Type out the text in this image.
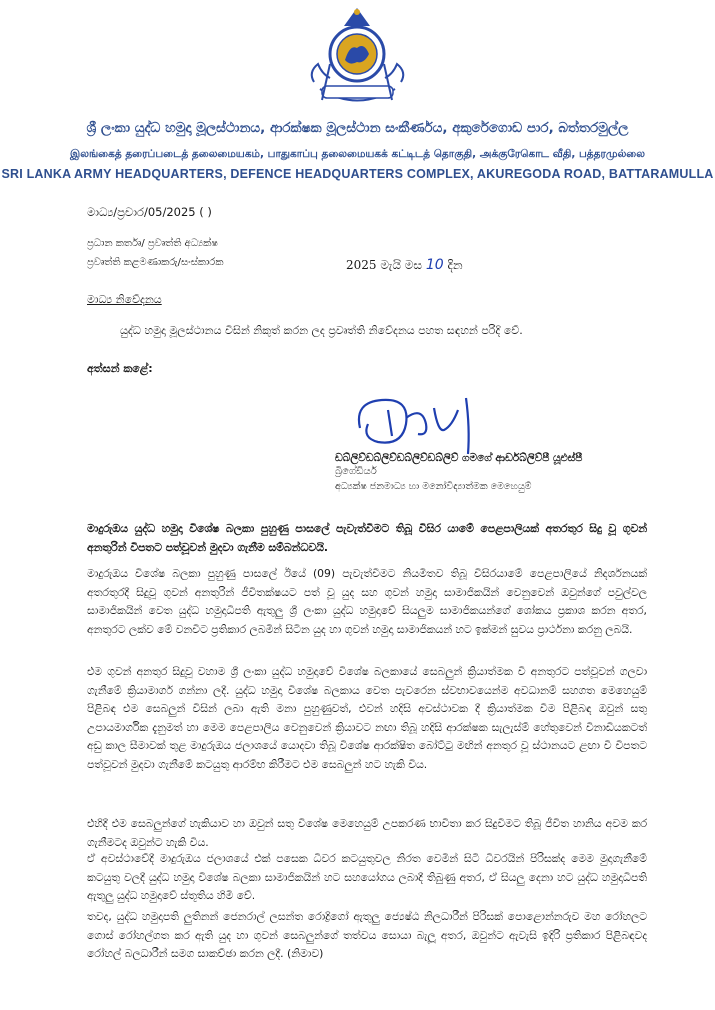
ශ්‍රී ලංකා යුද්ධ හමුදා මූලස්ථානය, ආරක්ෂක මූලස්ථාන සංකීර්ණය, අකුරේගොඩ පාර, බත්තරමුල්ල
இலங்கைத் தரைப்படைத் தலைமையகம், பாதுகாப்பு தலைமையகக் கட்டிடத் தொகுதி, அக்குரேகொட வீதி, பத்தரமுல்லை
SRI LANKA ARMY HEADQUARTERS, DEFENCE HEADQUARTERS COMPLEX, AKUREGODA ROAD, BATTARAMULLA
මාධ්‍ය/ප්‍රචාර/05/2025 ( )
ප්‍රධාන කර්තෘ/ ප්‍රවෘත්ති අධ්‍යක්ෂ
ප්‍රවෘත්ති කළමණාකරු/සංස්කාරක	2025 මැයි මස 10 දින
මාධ්‍ය නිවේදනය
යුද්ධ හමුදා මූලස්ථානය විසින් නිකුත් කරන ලද ප්‍රවෘත්ති නිවේදනය පහත සඳහන් පරිදි වේ.
අත්සන් කළේ:
ඩබ්ලිව්ඩබ්ලිව්ඩබ්ලිව්ඩබ්ලිව් ගමගේ ආර්ඩබ්ලිව්පී යූඑස්පී
බ්‍රිගේඩියර්
අධ්‍යක්ෂ ජනමාධ්‍ය හා මනෝවිද්‍යාත්මක මෙහෙයුම්
මාදුරුඔය යුද්ධ හමුදා විශේෂ බලකා පුහුණු පාසලේ පැවැත්වීමට තිබූ විසිර යාමේ පෙළපාලියක් අතරතුර සිදු වූ ගුවන් අනතුරින් විපතට පත්වූවන් මුදවා ගැනීම සම්බන්ධවයි.
මාදුරුඔය විශේෂ බලකා පුහුණු පාසලේ ඊයේ (09) පැවැත්වීමට නියමිතව තිබූ විසිරයාමේ පෙළපාලියේ නිදර්ශනයක් අතරතුරදී සිදුවූ ගුවන් අනතුරින් ජීවිතක්ෂයට පත් වූ යුද සහ ගුවන් හමුදා සාමාජිකයින් වෙනුවෙන් ඔවුන්ගේ පවුල්වල සාමාජිකයින් වෙත යුද්ධ හමුදාධිපති ඇතුලු ශ්‍රී ලංකා යුද්ධ හමුදාවේ සියලුම සාමාජිකයන්ගේ ශෝකය ප්‍රකාශ කරන අතර, අනතුරට ලක්ව මේ වනවිට ප්‍රතිකාර ලබමින් සිටින යුද හා ගුවන් හමුදා සාමාජිකයන් හට ඉක්මන් සුවය ප්‍රාර්ථනා කරනු ලබයි.
එම ගුවන් අනතුර සිදුවූ වහාම ශ්‍රී ලංකා යුද්ධ හමුදාවේ විශේෂ බලකායේ සෙබලුන් ක්‍රියාත්මක වී අනතුරට පත්වූවන් ගලවා ගැනීමේ ක්‍රියාමාර්ග ගන්නා ලදී. යුද්ධ හමුදා විශේෂ බලකාය වෙත පැවරෙන ස්වභාවයෙන්ම අවධානම් සහගත මෙහෙයුම් පිළිබඳ එම සෙබලුන් විසින් ලබා ඇති මනා පුහුණුවත්, එවන් හදිසි අවස්ථාවක දී ක්‍රියාත්මක වීම පිළිබඳ ඔවුන් සතු උපායමාර්ගික දැනුමත් හා මෙම පෙළපාලිය වෙනුවෙන් ක්‍රියාවට නඟා තිබූ හදිසි ආරක්ෂක සැලැස්ම් හේතුවෙන් විනාඩියකටත් අඩු කාල සීමාවක් තුළ මාදුරුඔය ජලාශයේ යොදවා තිබූ විශේෂ ආරක්ෂිත බෝට්ටු මඟින් අනතුර වූ ස්ථානයට ළඟා වී විපතට පත්වූවන් මුදවා ගැනීමේ කටයුතු ආරම්භ කිරීමට එම සෙබලුන් හට හැකි විය.
එහිදී එම සෙබලුන්ගේ හැකියාව හා ඔවුන් සතු විශේෂ මෙහෙයුම් උපකරණ භාවිතා කර සිදුවීමට තිබූ ජීවිත හානිය අවම කර ගැනීමටද ඔවුන්ට හැකි විය.
ඒ අවස්ථාවේදී මාදුරුඔය ජලාශයේ එක් පසෙක ධීවර කටයුතුවල නිරත වෙමින් සිටි ධීවරයින් පිරිසක්ද මෙම මුදාගැනීමේ කටයුතු වලදී යුද්ධ හමුදා විශේෂ බලකා සාමාජිකයින් හට සහයෝගය ලබාදී තිබුණු අතර, ඒ සියලු දෙනා හට යුද්ධ හමුදාධිපති ඇතුලු යුද්ධ හමුදාවේ ස්තූතිය හිමි වේ.
තවද, යුද්ධ හමුදාපති ලුතිනන් ජෙනරාල් ලසන්ත රොද්‍රිගෝ ඇතුලු ජ්‍යෙෂ්ඨ නිලධාරීන් පිරිසක් පොළොන්නරුව මහ රෝහලට ගොස් රෝහල්ගත කර ඇති යුද හා ගුවන් සෙබලුන්ගේ තත්වය සොයා බැලූ අතර, ඔවුන්ට ඇවැසි ඉදිරි ප්‍රතිකාර පිළිබඳවද රෝහල් බලධාරීන් සමග සාකච්ඡා කරන ලදී. (නිමාව)
